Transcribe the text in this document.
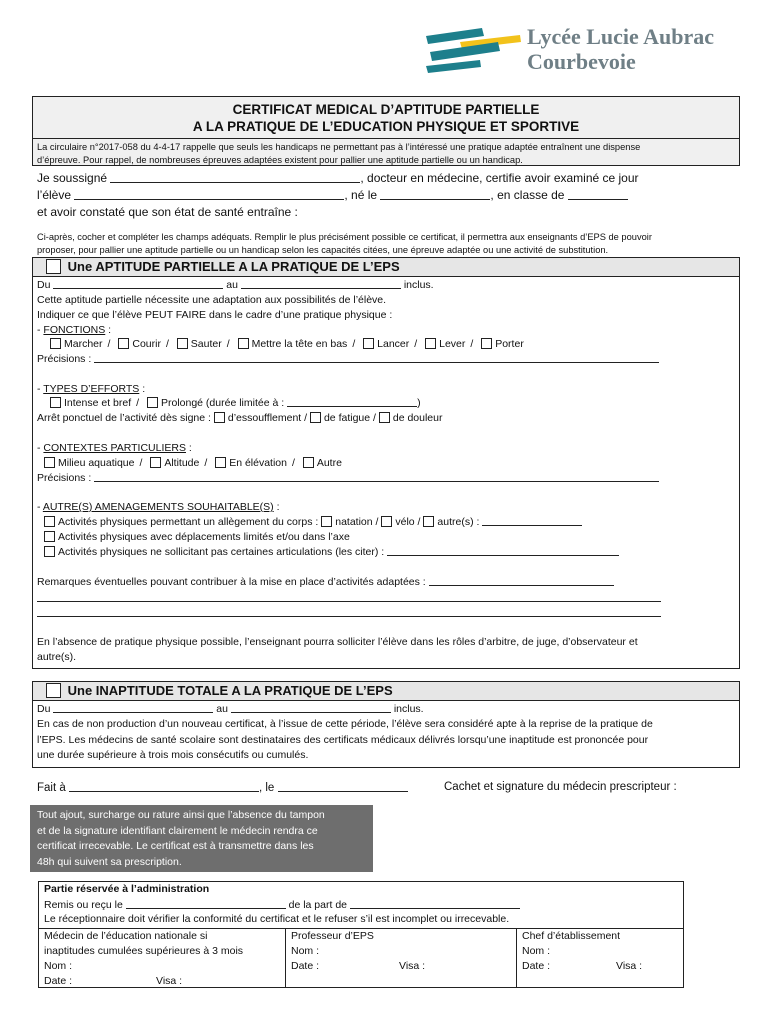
Lycée Lucie Aubrac
Courbevoie
CERTIFICAT MEDICAL D’APTITUDE PARTIELLE
A LA PRATIQUE DE L’EDUCATION PHYSIQUE ET SPORTIVE
La circulaire n°2017-058 du 4-4-17 rappelle que seuls les handicaps ne permettant pas à l’intéressé une pratique adaptée entraînent une dispense
d’épreuve. Pour rappel, de nombreuses épreuves adaptées existent pour pallier une aptitude partielle ou un handicap.
Je soussigné	, docteur en médecine, certifie avoir examiné ce jour
l’élève	, né le	, en classe de
et avoir constaté que son état de santé entraîne :
Ci-après, cocher et compléter les champs adéquats. Remplir le plus précisément possible ce certificat, il permettra aux enseignants d’EPS de pouvoir
proposer, pour pallier une aptitude partielle ou un handicap selon les capacités citées, une épreuve adaptée ou une activité de substitution.
Une APTITUDE PARTIELLE A LA PRATIQUE DE L’EPS
Du	au	inclus.
Cette aptitude partielle nécessite une adaptation aux possibilités de l’élève.
Indiquer ce que l’élève PEUT FAIRE dans le cadre d’une pratique physique :
- FONCTIONS :
Marcher / Courir / Sauter / Mettre la tête en bas / Lancer / Lever / Porter
Précisions :
- TYPES D’EFFORTS :
Intense et bref / Prolongé (durée limitée à :	)
Arrêt ponctuel de l’activité dès signe : d’essoufflement / de fatigue / de douleur
- CONTEXTES PARTICULIERS :
Milieu aquatique / Altitude / En élévation / Autre
Précisions :
- AUTRE(S) AMENAGEMENTS SOUHAITABLE(S) :
Activités physiques permettant un allègement du corps : natation / vélo / autre(s) :
Activités physiques avec déplacements limités et/ou dans l’axe
Activités physiques ne sollicitant pas certaines articulations (les citer) :
Remarques éventuelles pouvant contribuer à la mise en place d’activités adaptées :
En l’absence de pratique physique possible, l’enseignant pourra solliciter l’élève dans les rôles d’arbitre, de juge, d’observateur et
autre(s).
Une INAPTITUDE TOTALE A LA PRATIQUE DE L’EPS
Du	au	inclus.
En cas de non production d’un nouveau certificat, à l’issue de cette période, l’élève sera considéré apte à la reprise de la pratique de
l’EPS. Les médecins de santé scolaire sont destinataires des certificats médicaux délivrés lorsqu’une inaptitude est prononcée pour
une durée supérieure à trois mois consécutifs ou cumulés.
Fait à	, le	Cachet et signature du médecin prescripteur :
Tout ajout, surcharge ou rature ainsi que l’absence du tampon
et de la signature identifiant clairement le médecin rendra ce
certificat irrecevable. Le certificat est à transmettre dans les
48h qui suivent sa prescription.
Partie réservée à l’administration
Remis ou reçu le	de la part de
Le réceptionnaire doit vérifier la conformité du certificat et le refuser s’il est incomplet ou irrecevable.
Médecin de l’éducation nationale si
inaptitudes cumulées supérieures à 3 mois
Nom :
Date :	Visa :
Professeur d’EPS
Nom :
Date :	Visa :
Chef d’établissement
Nom :
Date :	Visa :
